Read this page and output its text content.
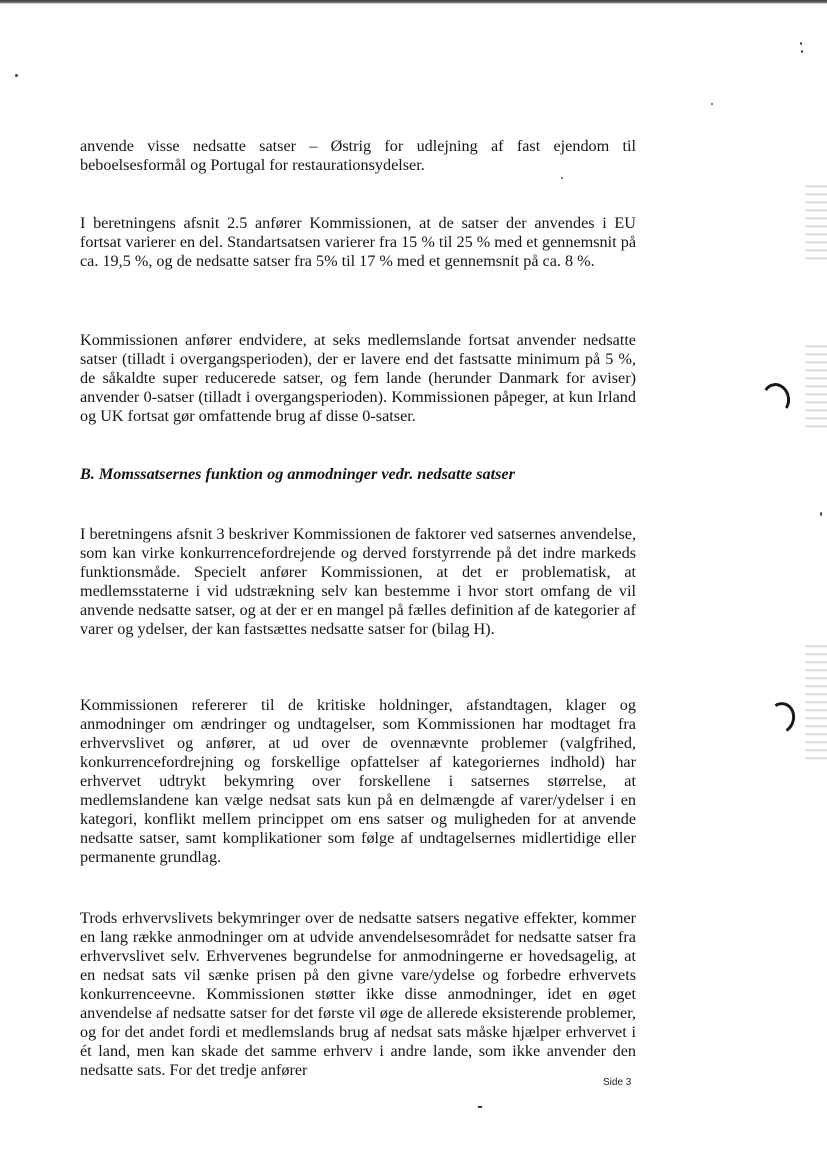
anvende visse nedsatte satser – Østrig for udlejning af fast ejendom til beboelsesformål og Portugal for restaurationsydelser.

I beretningens afsnit 2.5 anfører Kommissionen, at de satser der anvendes i EU fortsat varierer en del. Standartsatsen varierer fra 15 % til 25 % med et gennemsnit på ca. 19,5 %, og de nedsatte satser fra 5% til 17 % med et gennemsnit på ca. 8 %.

Kommissionen anfører endvidere, at seks medlemslande fortsat anvender nedsatte satser (tilladt i overgangsperioden), der er lavere end det fastsatte minimum på 5 %, de såkaldte super reducerede satser, og fem lande (herunder Danmark for aviser) anvender 0-satser (tilladt i overgangsperioden). Kommissionen påpeger, at kun Irland og UK fortsat gør omfattende brug af disse 0-satser.

B. Momssatsernes funktion og anmodninger vedr. nedsatte satser

I beretningens afsnit 3 beskriver Kommissionen de faktorer ved satsernes anvendelse, som kan virke konkurrencefordrejende og derved forstyrrende på det indre markeds funktionsmåde. Specielt anfører Kommissionen, at det er problematisk, at medlemsstaterne i vid udstrækning selv kan bestemme i hvor stort omfang de vil anvende nedsatte satser, og at der er en mangel på fælles definition af de kategorier af varer og ydelser, der kan fastsættes nedsatte satser for (bilag H).

Kommissionen refererer til de kritiske holdninger, afstandtagen, klager og anmodninger om ændringer og undtagelser, som Kommissionen har modtaget fra erhvervslivet og anfører, at ud over de ovennævnte problemer (valgfrihed, konkurrencefordrejning og forskellige opfattelser af kategoriernes indhold) har erhvervet udtrykt bekymring over forskellene i satsernes størrelse, at medlemslandene kan vælge nedsat sats kun på en delmængde af varer/ydelser i en kategori, konflikt mellem princippet om ens satser og muligheden for at anvende nedsatte satser, samt komplikationer som følge af undtagelsernes midlertidige eller permanente grundlag.

Trods erhvervslivets bekymringer over de nedsatte satsers negative effekter, kommer en lang række anmodninger om at udvide anvendelsesområdet for nedsatte satser fra erhvervslivet selv. Erhvervenes begrundelse for anmodningerne er hovedsagelig, at en nedsat sats vil sænke prisen på den givne vare/ydelse og forbedre erhvervets konkurrenceevne. Kommissionen støtter ikke disse anmodninger, idet en øget anvendelse af nedsatte satser for det første vil øge de allerede eksisterende problemer, og for det andet fordi et medlemslands brug af nedsat sats måske hjælper erhvervet i ét land, men kan skade det samme erhverv i andre lande, som ikke anvender den nedsatte sats. For det tredje anfører

Side 3
